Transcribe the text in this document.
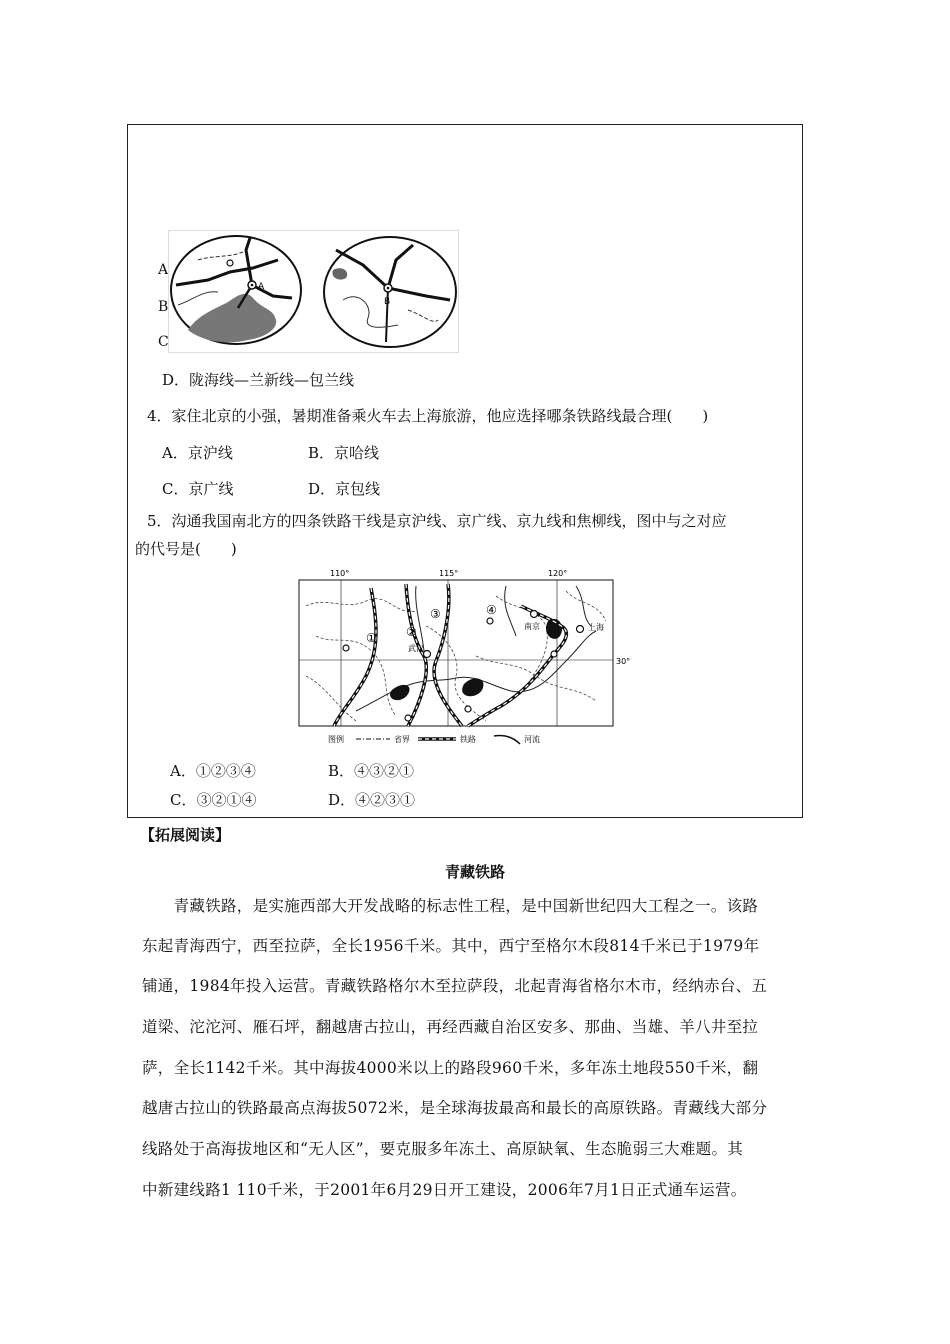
A
B
C
A
B
D．陇海线—兰新线—包兰线
4．家住北京的小强，暑期准备乘火车去上海旅游，他应选择哪条铁路线最合理(　　)
A．京沪线	B．京哈线
C．京广线	D．京包线
5．沟通我国南北方的四条铁路干线是京沪线、京广线、京九线和焦柳线，图中与之对应
的代号是(　　)
110°	115°	120°
30°
① ②
③	④
南京	上海
武汉
图例	省界	铁路	河流
A．①②③④	B．④③②①
C．③②①④	D．④②③①
【拓展阅读】
青藏铁路
　　青藏铁路，是实施西部大开发战略的标志性工程，是中国新世纪四大工程之一。该路
东起青海西宁，西至拉萨，全长1956千米。其中，西宁至格尔木段814千米已于1979年
铺通，1984年投入运营。青藏铁路格尔木至拉萨段，北起青海省格尔木市，经纳赤台、五
道梁、沱沱河、雁石坪，翻越唐古拉山，再经西藏自治区安多、那曲、当雄、羊八井至拉
萨，全长1142千米。其中海拔4000米以上的路段960千米，多年冻土地段550千米，翻
越唐古拉山的铁路最高点海拔5072米，是全球海拔最高和最长的高原铁路。青藏线大部分
线路处于高海拔地区和“无人区”，要克服多年冻土、高原缺氧、生态脆弱三大难题。其
中新建线路1 110千米，于2001年6月29日开工建设，2006年7月1日正式通车运营。
